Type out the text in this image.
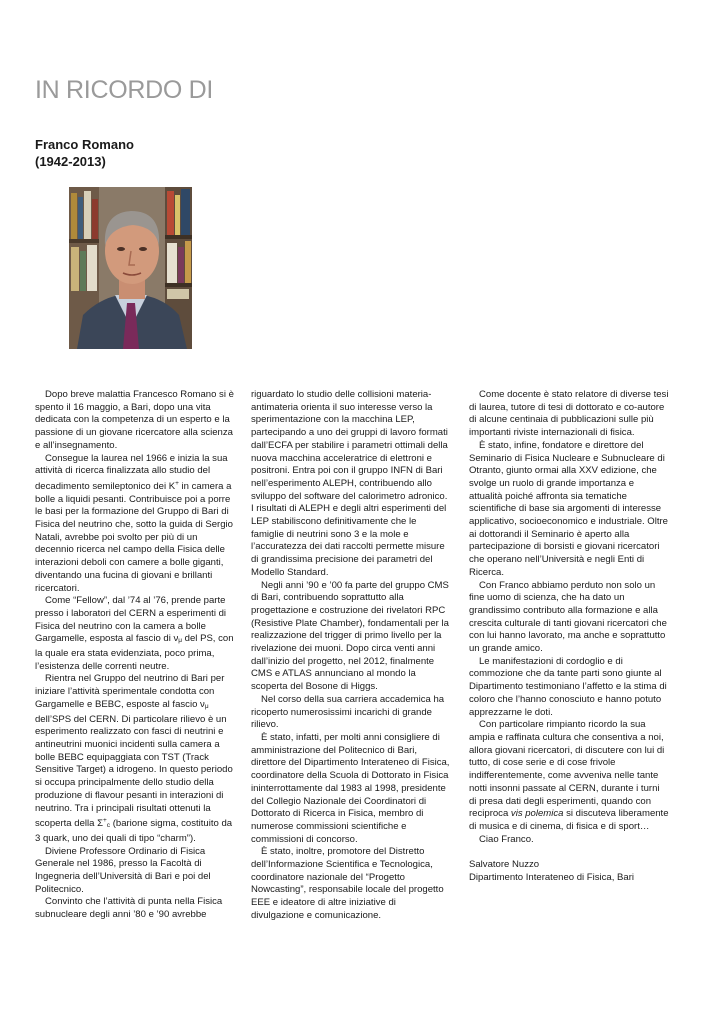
IN RICORDO DI
Franco Romano
(1942-2013)

Dopo breve malattia Francesco Romano si è spento il 16 maggio, a Bari, dopo una vita dedicata con la competenza di un esperto e la passione di un giovane ricercatore alla scienza e all’insegnamento.

Consegue la laurea nel 1966 e inizia la sua attività di ricerca finalizzata allo studio del decadimento semileptonico dei K+ in camera a bolle a liquidi pesanti. Contribuisce poi a porre le basi per la formazione del Gruppo di Bari di Fisica del neutrino che, sotto la guida di Sergio Natali, avrebbe poi svolto per più di un decennio ricerca nel campo della Fisica delle interazioni deboli con camere a bolle giganti, diventando una fucina di giovani e brillanti ricercatori.

Come “Fellow”, dal ’74 al ’76, prende parte presso i laboratori del CERN a esperimenti di Fisica del neutrino con la camera a bolle Gargamelle, esposta al fascio di νμ del PS, con la quale era stata evidenziata, poco prima, l’esistenza delle correnti neutre.

Rientra nel Gruppo del neutrino di Bari per iniziare l’attività sperimentale condotta con Gargamelle e BEBC, esposte al fascio νμ dell’SPS del CERN. Di particolare rilievo è un esperimento realizzato con fasci di neutrini e antineutrini muonici incidenti sulla camera a bolle BEBC equipaggiata con TST (Track Sensitive Target) a idrogeno. In questo periodo si occupa principalmente dello studio della produzione di flavour pesanti in interazioni di neutrino. Tra i principali risultati ottenuti la scoperta della Σ+c (barione sigma, costituito da 3 quark, uno dei quali di tipo “charm”).

Diviene Professore Ordinario di Fisica Generale nel 1986, presso la Facoltà di Ingegneria dell’Università di Bari e poi del Politecnico.

Convinto che l’attività di punta nella Fisica subnucleare degli anni ’80 e ’90 avrebbe

riguardato lo studio delle collisioni materia-antimateria orienta il suo interesse verso la sperimentazione con la macchina LEP, partecipando a uno dei gruppi di lavoro formati dall’ECFA per stabilire i parametri ottimali della nuova macchina acceleratrice di elettroni e positroni. Entra poi con il gruppo INFN di Bari nell’esperimento ALEPH, contribuendo allo sviluppo del software del calorimetro adronico. I risultati di ALEPH e degli altri esperimenti del LEP stabiliscono definitivamente che le famiglie di neutrini sono 3 e la mole e l’accuratezza dei dati raccolti permette misure di grandissima precisione dei parametri del Modello Standard.

Negli anni ’90 e ’00 fa parte del gruppo CMS di Bari, contribuendo soprattutto alla progettazione e costruzione dei rivelatori RPC (Resistive Plate Chamber), fondamentali per la realizzazione del trigger di primo livello per la rivelazione dei muoni. Dopo circa venti anni dall’inizio del progetto, nel 2012, finalmente CMS e ATLAS annunciano al mondo la scoperta del Bosone di Higgs.

Nel corso della sua carriera accademica ha ricoperto numerosissimi incarichi di grande rilievo.

È stato, infatti, per molti anni consigliere di amministrazione del Politecnico di Bari, direttore del Dipartimento Interateneo di Fisica, coordinatore della Scuola di Dottorato in Fisica ininterrottamente dal 1983 al 1998, presidente del Collegio Nazionale dei Coordinatori di Dottorato di Ricerca in Fisica, membro di numerose commissioni scientifiche e commissioni di concorso.

È stato, inoltre, promotore del Distretto dell’Informazione Scientifica e Tecnologica, coordinatore nazionale del “Progetto Nowcasting”, responsabile locale del progetto EEE e ideatore di altre iniziative di divulgazione e comunicazione.

Come docente è stato relatore di diverse tesi di laurea, tutore di tesi di dottorato e co-autore di alcune centinaia di pubblicazioni sulle più importanti riviste internazionali di fisica.

È stato, infine, fondatore e direttore del Seminario di Fisica Nucleare e Subnucleare di Otranto, giunto ormai alla XXV edizione, che svolge un ruolo di grande importanza e attualità poiché affronta sia tematiche scientifiche di base sia argomenti di interesse applicativo, socioeconomico e industriale. Oltre ai dottorandi il Seminario è aperto alla partecipazione di borsisti e giovani ricercatori che operano nell’Università e negli Enti di Ricerca.

Con Franco abbiamo perduto non solo un fine uomo di scienza, che ha dato un grandissimo contributo alla formazione e alla crescita culturale di tanti giovani ricercatori che con lui hanno lavorato, ma anche e soprattutto un grande amico.

Le manifestazioni di cordoglio e di commozione che da tante parti sono giunte al Dipartimento testimoniano l’affetto e la stima di coloro che l’hanno conosciuto e hanno potuto apprezzarne le doti.

Con particolare rimpianto ricordo la sua ampia e raffinata cultura che consentiva a noi, allora giovani ricercatori, di discutere con lui di tutto, di cose serie e di cose frivole indifferentemente, come avveniva nelle tante notti insonni passate al CERN, durante i turni di presa dati degli esperimenti, quando con reciproca vis polemica si discuteva liberamente di musica e di cinema, di fisica e di sport…

Ciao Franco.

Salvatore Nuzzo

Dipartimento Interateneo di Fisica, Bari
